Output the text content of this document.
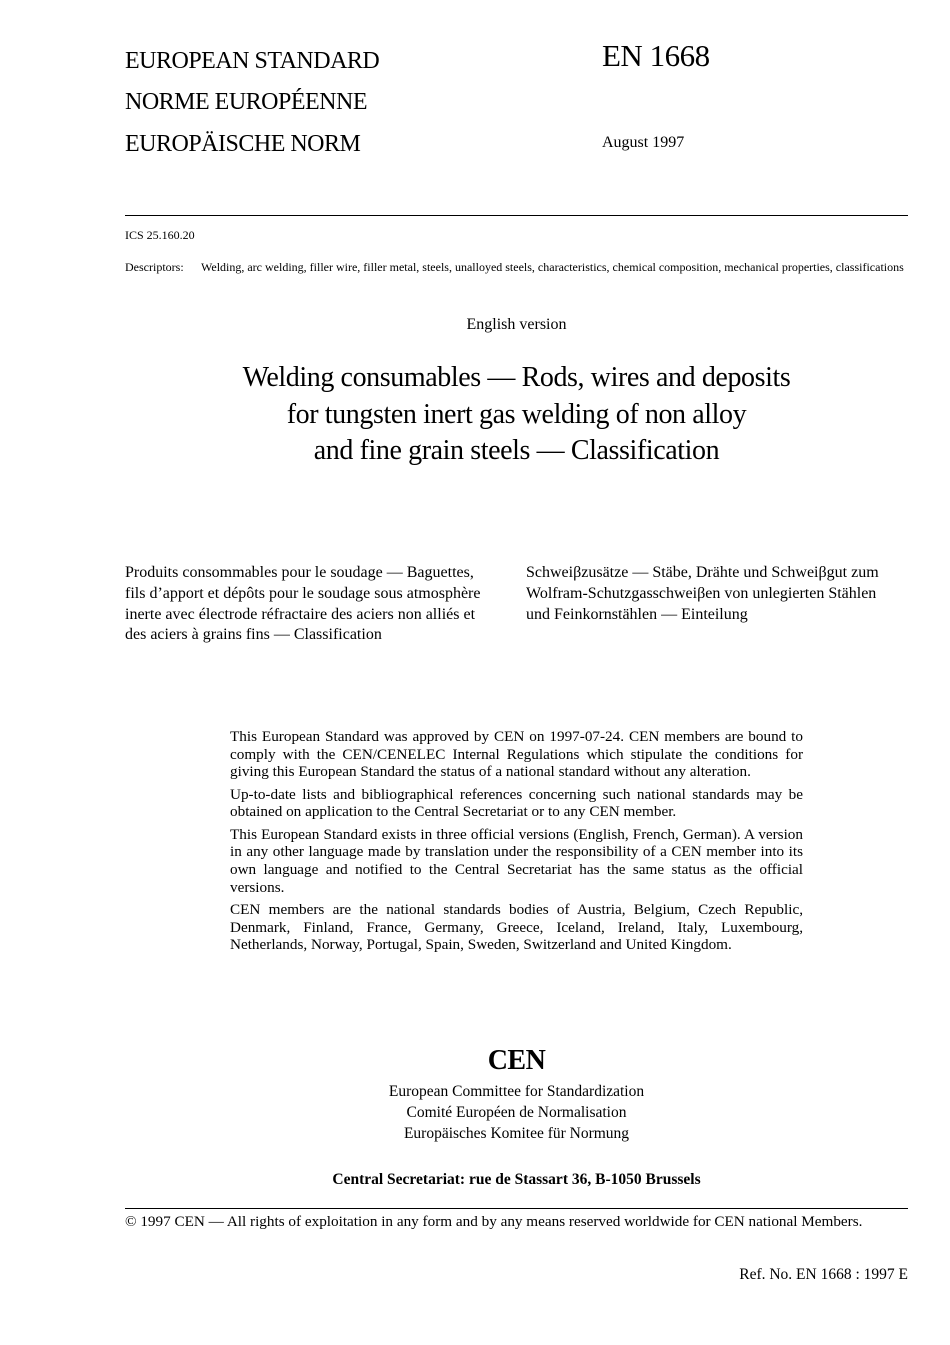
EUROPEAN STANDARD
NORME EUROPÉENNE
EUROPÄISCHE NORM
EN 1668
August 1997
ICS 25.160.20
Descriptors:	Welding, arc welding, filler wire, filler metal, steels, unalloyed steels, characteristics, chemical composition, mechanical properties, classifications
English version
Welding consumables — Rods, wires and deposits
for tungsten inert gas welding of non alloy
and fine grain steels — Classification
Produits consommables pour le soudage — Baguettes, fils d’apport et dépôts pour le soudage sous atmosphère inerte avec électrode réfractaire des aciers non alliés et des aciers à grains fins — Classification
Schweiβzusätze — Stäbe, Drähte und Schweiβgut zum Wolfram-Schutzgasschweiβen von unlegierten Stählen und Feinkornstählen — Einteilung

This European Standard was approved by CEN on 1997-07-24. CEN members are bound to comply with the CEN/CENELEC Internal Regulations which stipulate the conditions for giving this European Standard the status of a national standard without any alteration.

Up-to-date lists and bibliographical references concerning such national standards may be obtained on application to the Central Secretariat or to any CEN member.

This European Standard exists in three official versions (English, French, German). A version in any other language made by translation under the responsibility of a CEN member into its own language and notified to the Central Secretariat has the same status as the official versions.

CEN members are the national standards bodies of Austria, Belgium, Czech Republic, Denmark, Finland, France, Germany, Greece, Iceland, Ireland, Italy, Luxembourg, Netherlands, Norway, Portugal, Spain, Sweden, Switzerland and United Kingdom.

CEN
European Committee for Standardization
Comité Européen de Normalisation
Europäisches Komitee für Normung
Central Secretariat: rue de Stassart 36, B-1050 Brussels
© 1997 CEN — All rights of exploitation in any form and by any means reserved worldwide for CEN national Members.
Ref. No. EN 1668 : 1997 E
